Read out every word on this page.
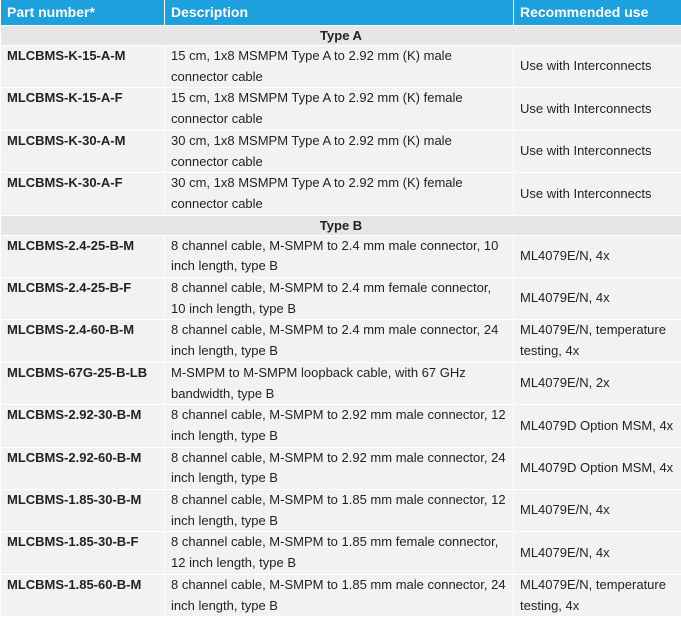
Part number*	Description	Recommended use
Type A		
MLCBMS-K-15-A-M	15 cm, 1x8 MSMPM Type A to 2.92 mm (K) male connector cable	Use with Interconnects
MLCBMS-K-15-A-F	15 cm, 1x8 MSMPM Type A to 2.92 mm (K) female connector cable	Use with Interconnects
MLCBMS-K-30-A-M	30 cm, 1x8 MSMPM Type A to 2.92 mm (K) male connector cable	Use with Interconnects
MLCBMS-K-30-A-F	30 cm, 1x8 MSMPM Type A to 2.92 mm (K) female connector cable	Use with Interconnects
Type B		
MLCBMS-2.4-25-B-M	8 channel cable, M-SMPM to 2.4 mm male connector, 10 inch length, type B	ML4079E/N, 4x
MLCBMS-2.4-25-B-F	8 channel cable, M-SMPM to 2.4 mm female connector, 10 inch length, type B	ML4079E/N, 4x
MLCBMS-2.4-60-B-M	8 channel cable, M-SMPM to 2.4 mm male connector, 24 inch length, type B	ML4079E/N, temperature testing, 4x
MLCBMS-67G-25-B-LB	M-SMPM to M-SMPM loopback cable, with 67 GHz bandwidth, type B	ML4079E/N, 2x
MLCBMS-2.92-30-B-M	8 channel cable, M-SMPM to 2.92 mm male connector, 12 inch length, type B	ML4079D Option MSM, 4x
MLCBMS-2.92-60-B-M	8 channel cable, M-SMPM to 2.92 mm male connector, 24 inch length, type B	ML4079D Option MSM, 4x
MLCBMS-1.85-30-B-M	8 channel cable, M-SMPM to 1.85 mm male connector, 12 inch length, type B	ML4079E/N, 4x
MLCBMS-1.85-30-B-F	8 channel cable, M-SMPM to 1.85 mm female connector, 12 inch length, type B	ML4079E/N, 4x
MLCBMS-1.85-60-B-M	8 channel cable, M-SMPM to 1.85 mm male connector, 24 inch length, type B	ML4079E/N, temperature testing, 4x
